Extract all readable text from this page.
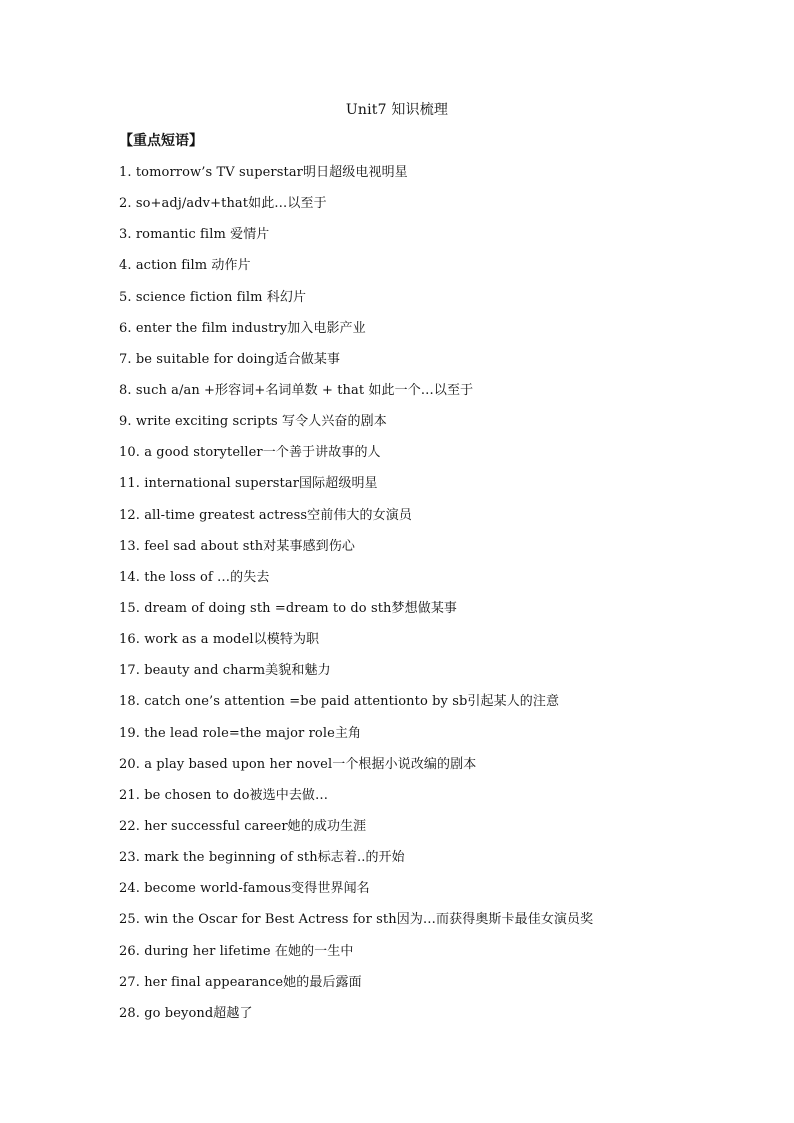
Unit7 知识梳理
【重点短语】
1. tomorrow’s TV superstar明日超级电视明星
2. so+adj/adv+that如此…以至于
3. romantic film 爱情片
4. action film 动作片
5. science fiction film 科幻片
6. enter the film industry加入电影产业
7. be suitable for doing适合做某事
8. such a/an +形容词+名词单数 + that 如此一个…以至于
9. write exciting scripts 写令人兴奋的剧本
10. a good storyteller一个善于讲故事的人
11. international superstar国际超级明星
12. all-time greatest actress空前伟大的女演员
13. feel sad about sth对某事感到伤心
14. the loss of …的失去
15. dream of doing sth =dream to do sth梦想做某事
16. work as a model以模特为职
17. beauty and charm美貌和魅力
18. catch one’s attention =be paid attentionto by sb引起某人的注意
19. the lead role=the major role主角
20. a play based upon her novel一个根据小说改编的剧本
21. be chosen to do被选中去做…
22. her successful career她的成功生涯
23. mark the beginning of sth标志着..的开始
24. become world-famous变得世界闻名
25. win the Oscar for Best Actress for sth因为…而获得奥斯卡最佳女演员奖
26. during her lifetime 在她的一生中
27. her final appearance她的最后露面
28. go beyond超越了
